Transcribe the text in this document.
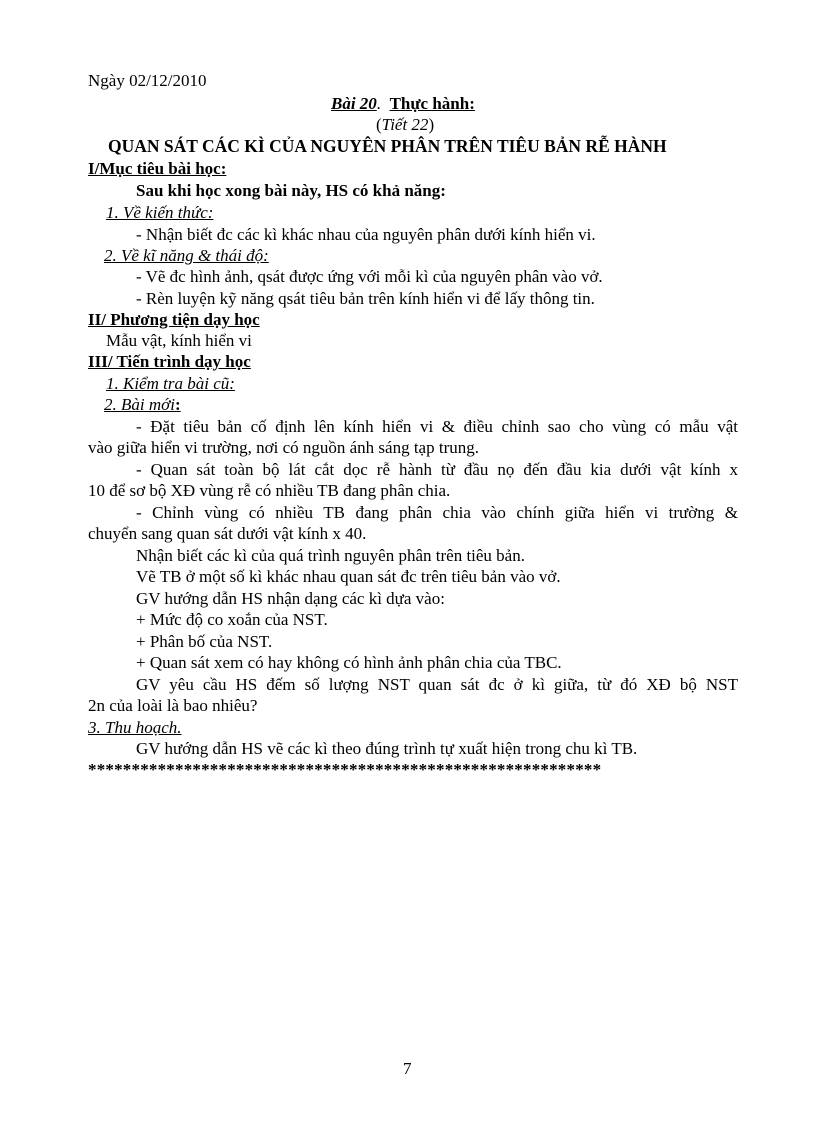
Ngày 02/12/2010
Bài 20. Thực hành:
(Tiết 22)
QUAN SÁT CÁC KÌ CỦA NGUYÊN PHÂN TRÊN TIÊU BẢN RỄ HÀNH
I/Mục tiêu bài học:
Sau khi học xong bài này, HS có khả năng:
1. Về kiến thức:
- Nhận biết đc các kì khác nhau của nguyên phân dưới kính hiển vi.
2. Về kĩ năng & thái độ:
- Vẽ đc hình ảnh, qsát được ứng với mỗi kì của nguyên phân vào vở.
- Rèn luyện kỹ năng qsát tiêu bản trên kính hiển vi để lấy thông tin.
II/ Phương tiện dạy học
Mẫu vật, kính hiển vi
III/ Tiến trình dạy học
1. Kiểm tra bài cũ:
2. Bài mới:
- Đặt tiêu bản cố định lên kính hiển vi & điều chỉnh sao cho vùng có mẫu vật
vào giữa hiển vi trường, nơi có nguồn ánh sáng tạp trung.
- Quan sát toàn bộ lát cắt dọc rễ hành từ đầu nọ đến đầu kia dưới vật kính x
10 để sơ bộ XĐ vùng rễ có nhiều TB đang phân chia.
- Chỉnh vùng có nhiều TB đang phân chia vào chính giữa hiển vi trường &
chuyển sang quan sát dưới vật kính x 40.
Nhận biết các kì của quá trình nguyên phân trên tiêu bản.
Vẽ TB ở một số kì khác nhau quan sát đc trên tiêu bản vào vở.
GV hướng dẫn HS nhận dạng các kì dựa vào:
+ Mức độ co xoắn của NST.
+ Phân bố của NST.
+ Quan sát xem có hay không có hình ảnh phân chia của TBC.
GV yêu cầu HS đếm số lượng NST quan sát đc ở kì giữa, từ đó XĐ bộ NST
2n của loài là bao nhiêu?
3. Thu hoạch.
GV hướng dẫn HS vẽ các kì theo đúng trình tự xuất hiện trong chu kì TB.
***********************************************************
7
